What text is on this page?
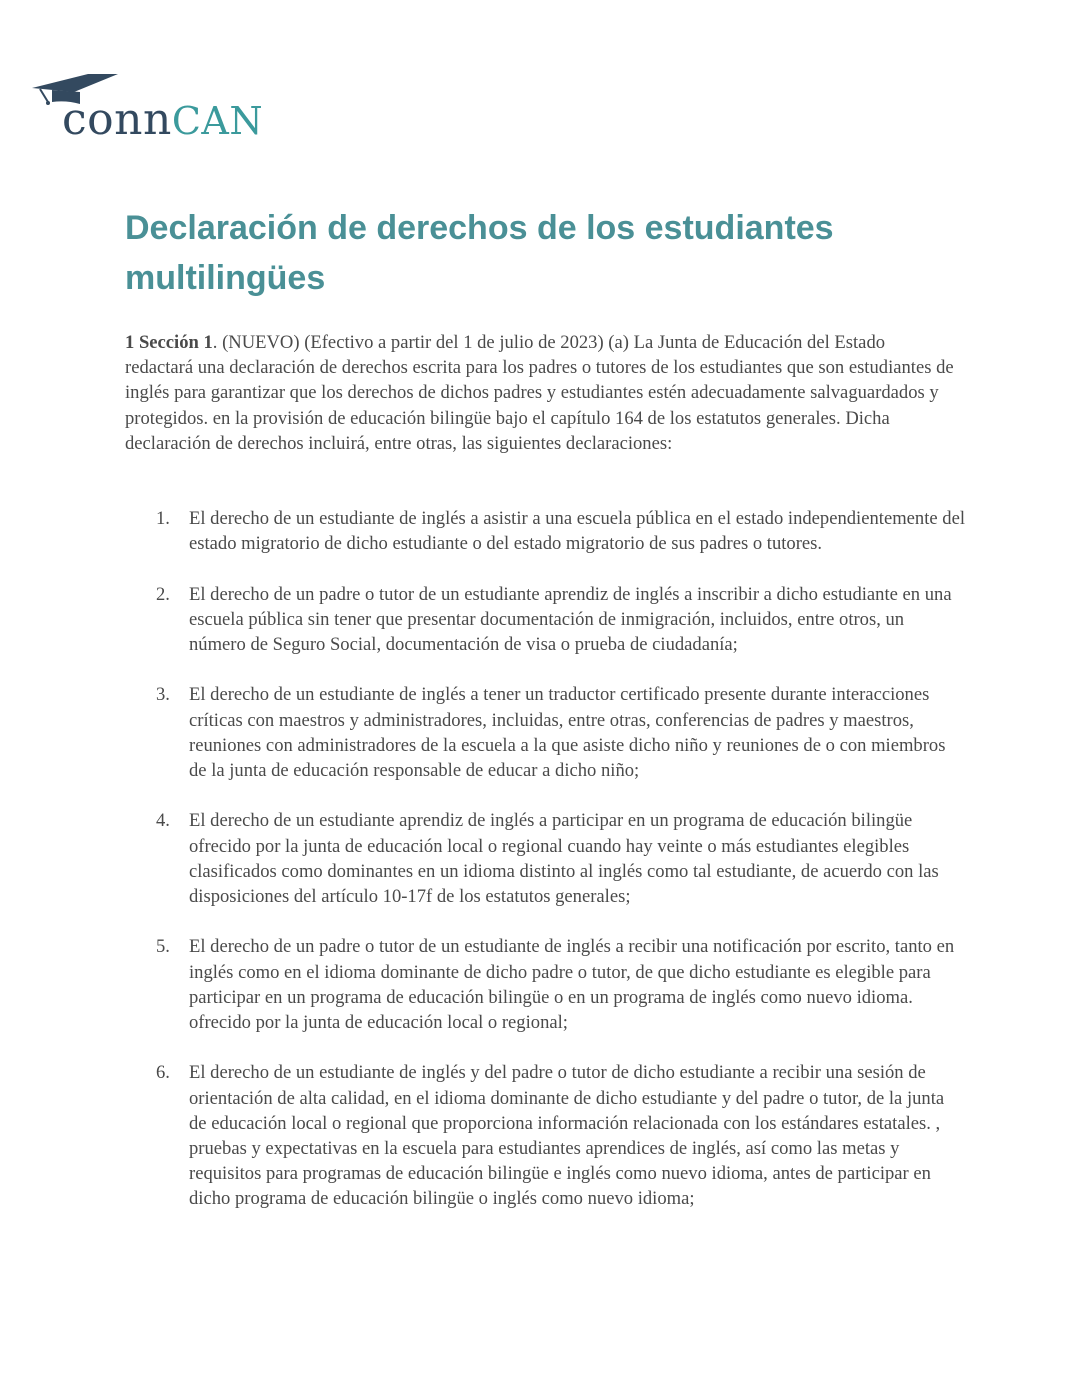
connCAN
Declaración de derechos de los estudiantes multilingües

1 Sección 1. (NUEVO) (Efectivo a partir del 1 de julio de 2023) (a) La Junta de Educación del Estado redactará una declaración de derechos escrita para los padres o tutores de los estudiantes que son estudiantes de inglés para garantizar que los derechos de dichos padres y estudiantes estén adecuadamente salvaguardados y protegidos. en la provisión de educación bilingüe bajo el capítulo 164 de los estatutos generales. Dicha declaración de derechos incluirá, entre otras, las siguientes declaraciones:

1. El derecho de un estudiante de inglés a asistir a una escuela pública en el estado independientemente del estado migratorio de dicho estudiante o del estado migratorio de sus padres o tutores.
2. El derecho de un padre o tutor de un estudiante aprendiz de inglés a inscribir a dicho estudiante en una escuela pública sin tener que presentar documentación de inmigración, incluidos, entre otros, un número de Seguro Social, documentación de visa o prueba de ciudadanía;
3. El derecho de un estudiante de inglés a tener un traductor certificado presente durante interacciones críticas con maestros y administradores, incluidas, entre otras, conferencias de padres y maestros, reuniones con administradores de la escuela a la que asiste dicho niño y reuniones de o con miembros de la junta de educación responsable de educar a dicho niño;
4. El derecho de un estudiante aprendiz de inglés a participar en un programa de educación bilingüe ofrecido por la junta de educación local o regional cuando hay veinte o más estudiantes elegibles clasificados como dominantes en un idioma distinto al inglés como tal estudiante, de acuerdo con las disposiciones del artículo 10-17f de los estatutos generales;
5. El derecho de un padre o tutor de un estudiante de inglés a recibir una notificación por escrito, tanto en inglés como en el idioma dominante de dicho padre o tutor, de que dicho estudiante es elegible para participar en un programa de educación bilingüe o en un programa de inglés como nuevo idioma. ofrecido por la junta de educación local o regional;
6. El derecho de un estudiante de inglés y del padre o tutor de dicho estudiante a recibir una sesión de orientación de alta calidad, en el idioma dominante de dicho estudiante y del padre o tutor, de la junta de educación local o regional que proporciona información relacionada con los estándares estatales. , pruebas y expectativas en la escuela para estudiantes aprendices de inglés, así como las metas y requisitos para programas de educación bilingüe e inglés como nuevo idioma, antes de participar en dicho programa de educación bilingüe o inglés como nuevo idioma;
